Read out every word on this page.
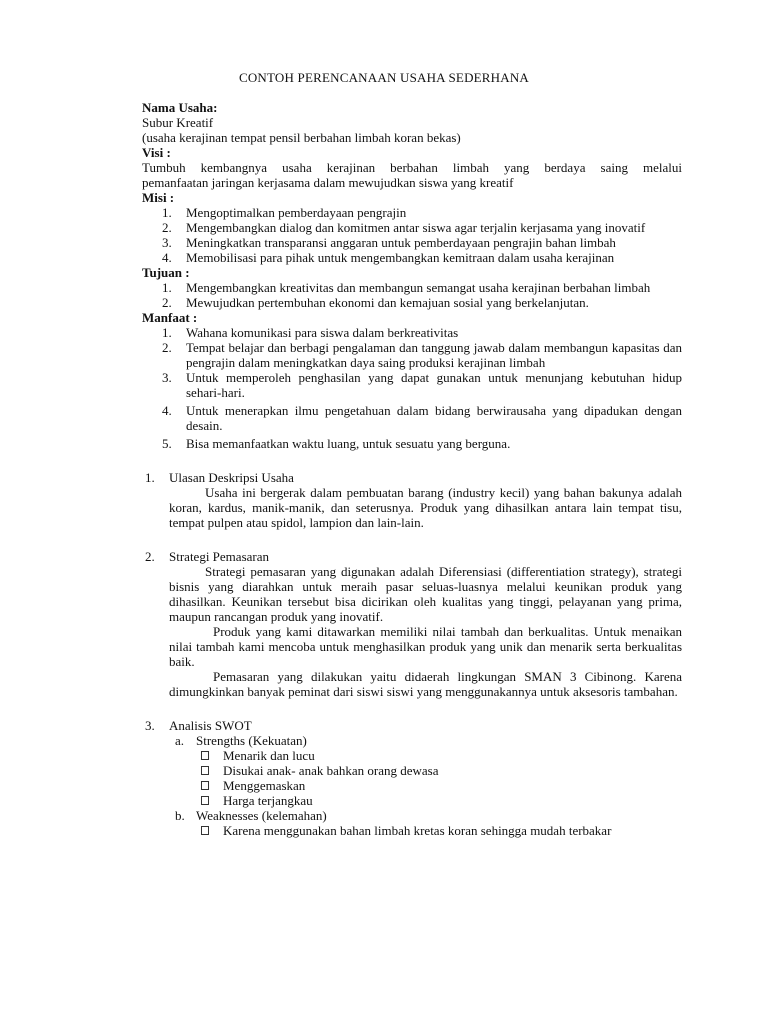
CONTOH PERENCANAAN USAHA SEDERHANA

Nama Usaha:

Subur Kreatif

(usaha kerajinan tempat pensil berbahan limbah koran bekas)

Visi :

Tumbuh kembangnya usaha kerajinan berbahan limbah yang berdaya saing melalui

pemanfaatan jaringan kerjasama dalam mewujudkan siswa yang kreatif

Misi :

1. Mengoptimalkan pemberdayaan pengrajin
2. Mengembangkan dialog dan komitmen antar siswa agar terjalin kerjasama yang inovatif
3. Meningkatkan transparansi anggaran untuk pemberdayaan pengrajin bahan limbah
4. Memobilisasi para pihak untuk mengembangkan kemitraan dalam usaha kerajinan

Tujuan :

1. Mengembangkan kreativitas dan membangun semangat usaha kerajinan berbahan limbah
2. Mewujudkan pertembuhan ekonomi dan kemajuan sosial yang berkelanjutan.

Manfaat :

1. Wahana komunikasi para siswa dalam berkreativitas
2. Tempat belajar dan berbagi pengalaman dan tanggung jawab dalam membangun kapasitas dan pengrajin dalam meningkatkan daya saing produksi kerajinan limbah
3. Untuk memperoleh penghasilan yang dapat gunakan untuk menunjang kebutuhan hidup sehari-hari.
4. Untuk menerapkan ilmu pengetahuan dalam bidang berwirausaha yang dipadukan dengan desain.
5. Bisa memanfaatkan waktu luang, untuk sesuatu yang berguna.
1. Ulasan Deskripsi Usaha
Usaha ini bergerak dalam pembuatan barang (industry kecil) yang bahan bakunya adalah koran, kardus, manik-manik, dan seterusnya. Produk yang dihasilkan antara lain tempat tisu, tempat pulpen atau spidol, lampion dan lain-lain.
2. Strategi Pemasaran
Strategi pemasaran yang digunakan adalah Diferensiasi (differentiation strategy), strategi bisnis yang diarahkan untuk meraih pasar seluas-luasnya melalui keunikan produk yang dihasilkan. Keunikan tersebut bisa dicirikan oleh kualitas yang tinggi, pelayanan yang prima, maupun rancangan produk yang inovatif.
Produk yang kami ditawarkan memiliki nilai tambah dan berkualitas. Untuk menaikan nilai tambah kami mencoba untuk menghasilkan produk yang unik dan menarik serta berkualitas baik.
Pemasaran yang dilakukan yaitu didaerah lingkungan SMAN 3 Cibinong. Karena dimungkinkan banyak peminat dari siswi siswi yang menggunakannya untuk aksesoris tambahan.
3. Analisis SWOT
a. Strengths (Kekuatan)
Menarik dan lucu
Disukai anak- anak bahkan orang dewasa
Menggemaskan
Harga terjangkau
b. Weaknesses (kelemahan)
Karena menggunakan bahan limbah kretas koran sehingga mudah terbakar
